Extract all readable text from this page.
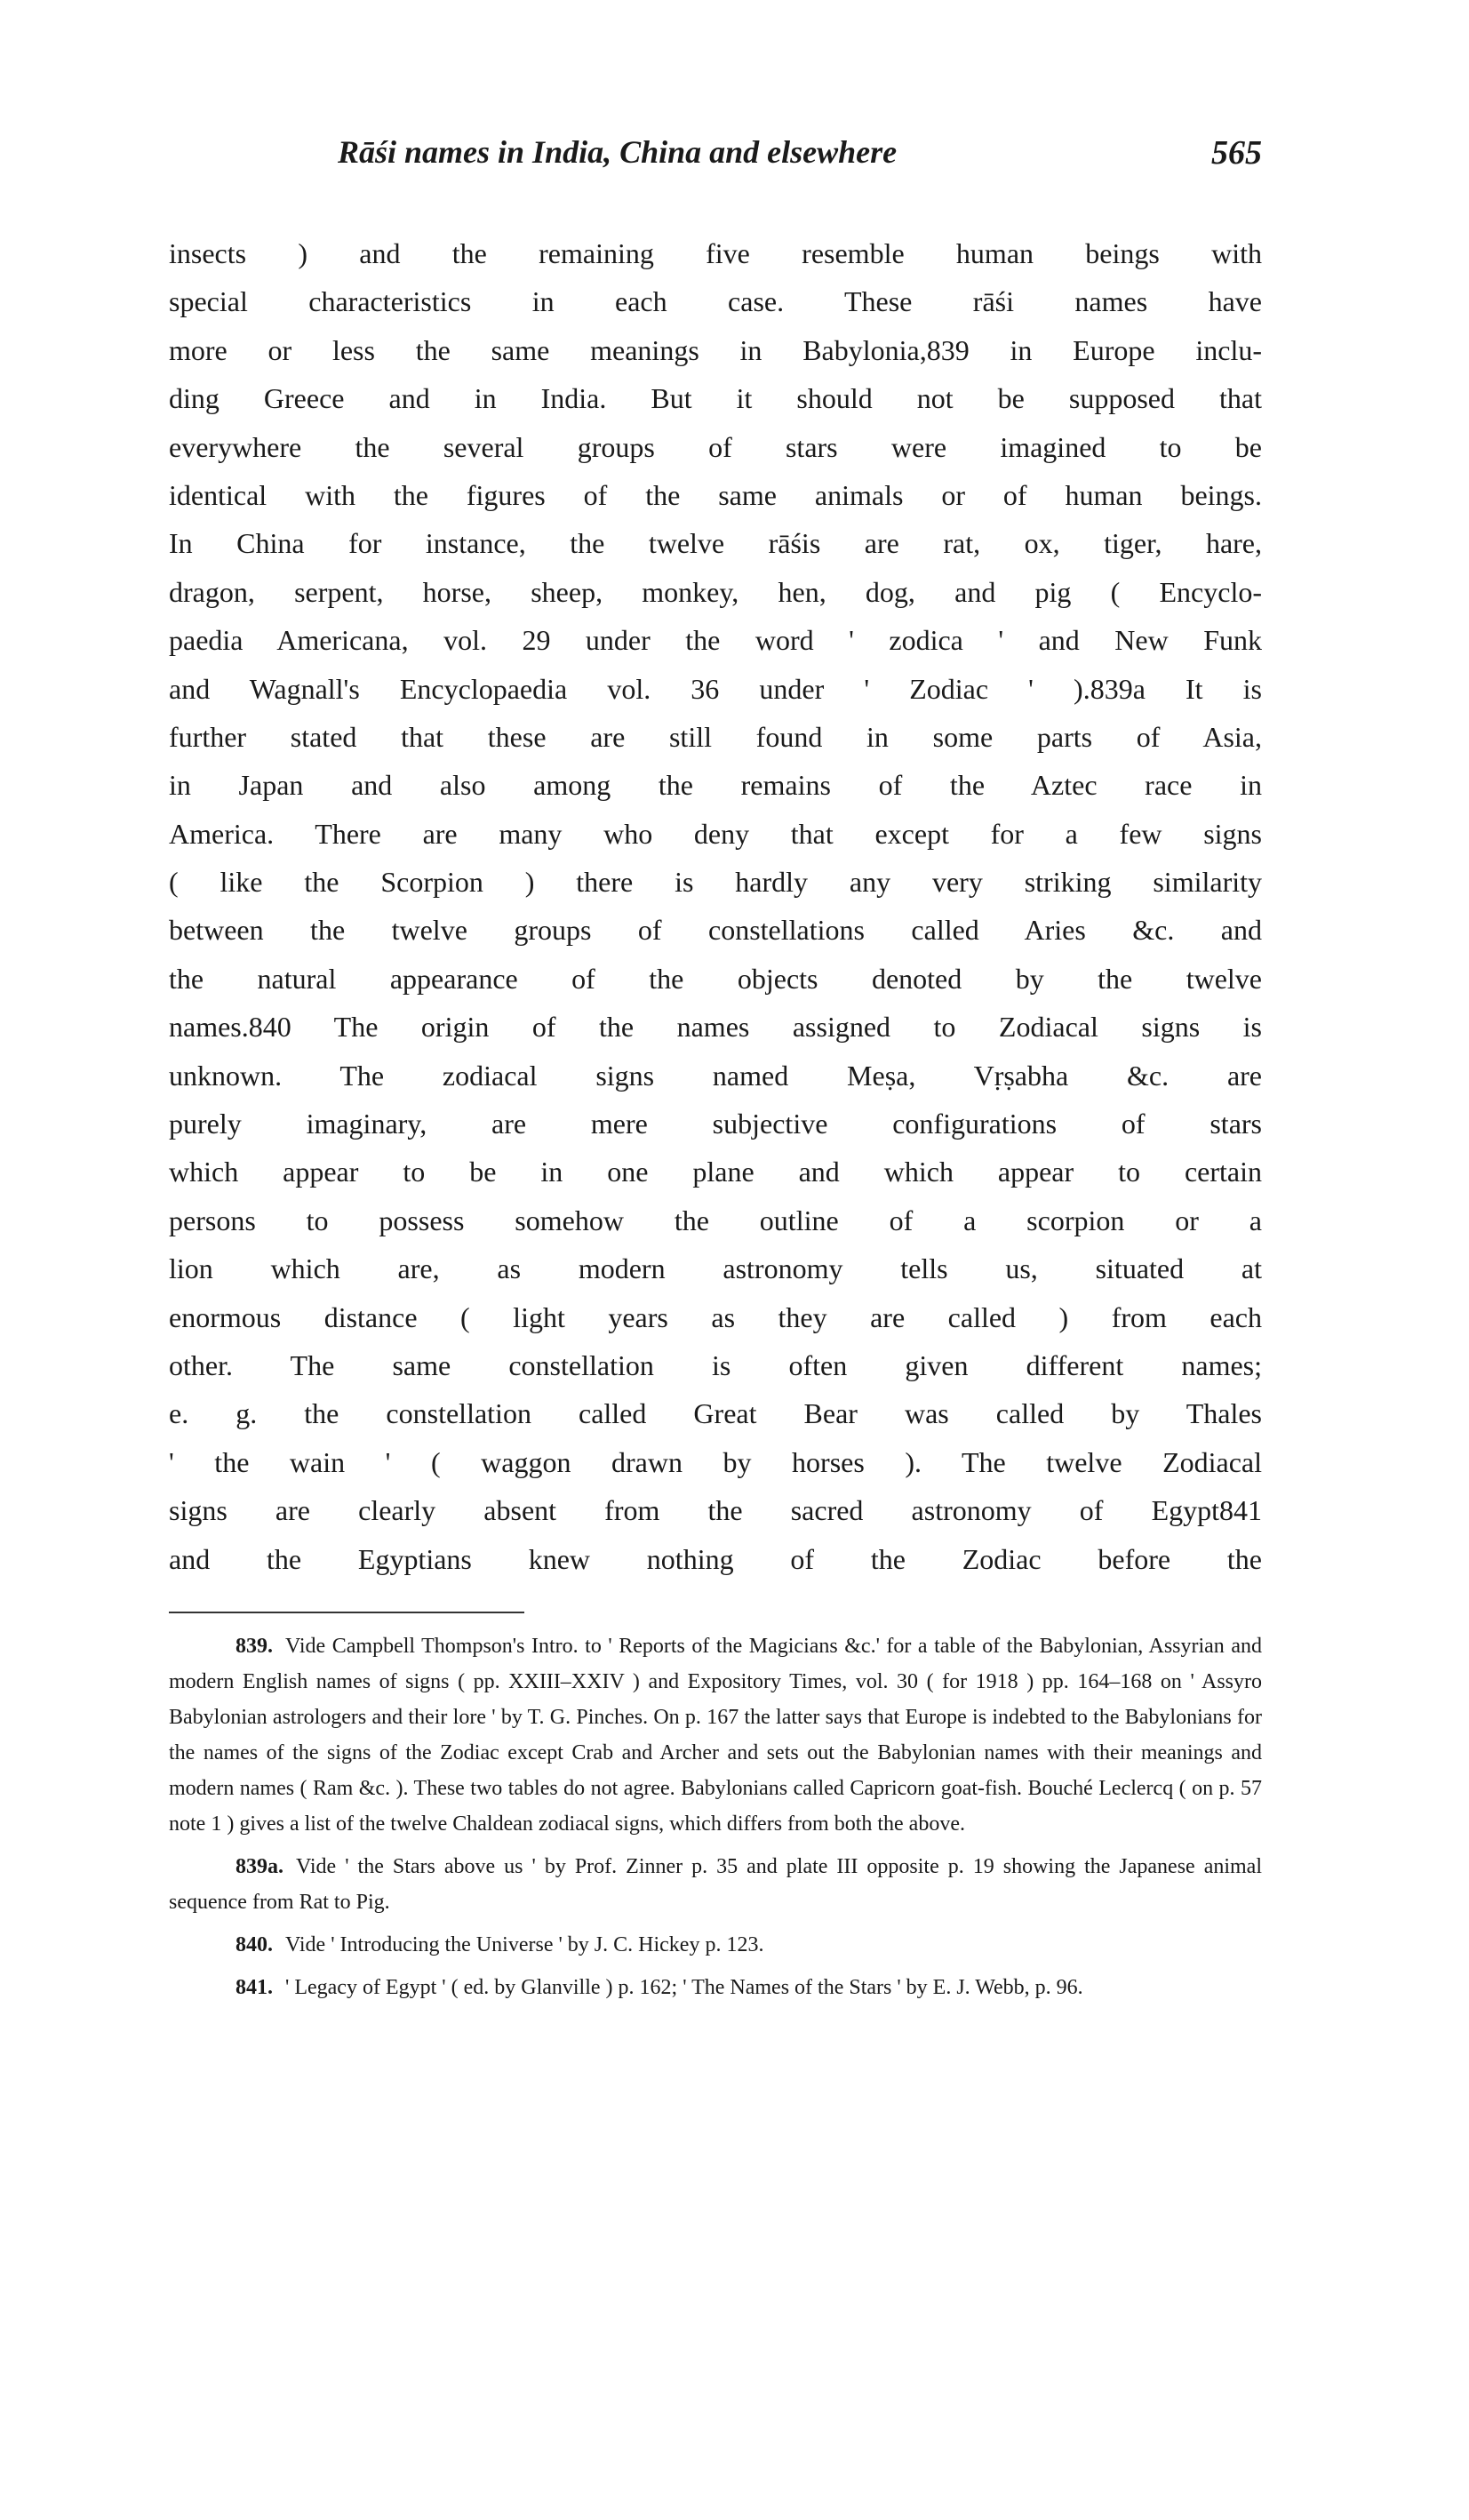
Rāśi names in India, China and elsewhere	565
insects ) and the remaining five resemble human beings with
special characteristics in each case. These rāśi names have
more or less the same meanings in Babylonia,839 in Europe inclu-
ding Greece and in India. But it should not be supposed that
everywhere the several groups of stars were imagined to be
identical with the figures of the same animals or of human beings.
In China for instance, the twelve rāśis are rat, ox, tiger, hare,
dragon, serpent, horse, sheep, monkey, hen, dog, and pig ( Encyclo-
paedia Americana, vol. 29 under the word ' zodica ' and New Funk
and Wagnall's Encyclopaedia vol. 36 under ' Zodiac ' ).839a It is
further stated that these are still found in some parts of Asia,
in Japan and also among the remains of the Aztec race in
America. There are many who deny that except for a few signs
( like the Scorpion ) there is hardly any very striking similarity
between the twelve groups of constellations called Aries &c. and
the natural appearance of the objects denoted by the twelve
names.840 The origin of the names assigned to Zodiacal signs is
unknown. The zodiacal signs named Meṣa, Vṛṣabha &c. are
purely imaginary, are mere subjective configurations of stars
which appear to be in one plane and which appear to certain
persons to possess somehow the outline of a scorpion or a
lion which are, as modern astronomy tells us, situated at
enormous distance ( light years as they are called ) from each
other. The same constellation is often given different names;
e. g. the constellation called Great Bear was called by Thales
' the wain ' ( waggon drawn by horses ). The twelve Zodiacal
signs are clearly absent from the sacred astronomy of Egypt841
and the Egyptians knew nothing of the Zodiac before the
839. Vide Campbell Thompson's Intro. to ' Reports of the Magicians &c.' for a table of the Babylonian, Assyrian and modern English names of signs ( pp. XXIII–XXIV ) and Expository Times, vol. 30 ( for 1918 ) pp. 164–168 on ' Assyro Babylonian astrologers and their lore ' by T. G. Pinches. On p. 167 the latter says that Europe is indebted to the Babylonians for the names of the signs of the Zodiac except Crab and Archer and sets out the Babylonian names with their meanings and modern names ( Ram &c. ). These two tables do not agree. Babylonians called Capricorn goat-fish. Bouché Leclercq ( on p. 57 note 1 ) gives a list of the twelve Chaldean zodiacal signs, which differs from both the above.
839a. Vide ' the Stars above us ' by Prof. Zinner p. 35 and plate III opposite p. 19 showing the Japanese animal sequence from Rat to Pig.
840. Vide ' Introducing the Universe ' by J. C. Hickey p. 123.
841. ' Legacy of Egypt ' ( ed. by Glanville ) p. 162; ' The Names of the Stars ' by E. J. Webb, p. 96.
